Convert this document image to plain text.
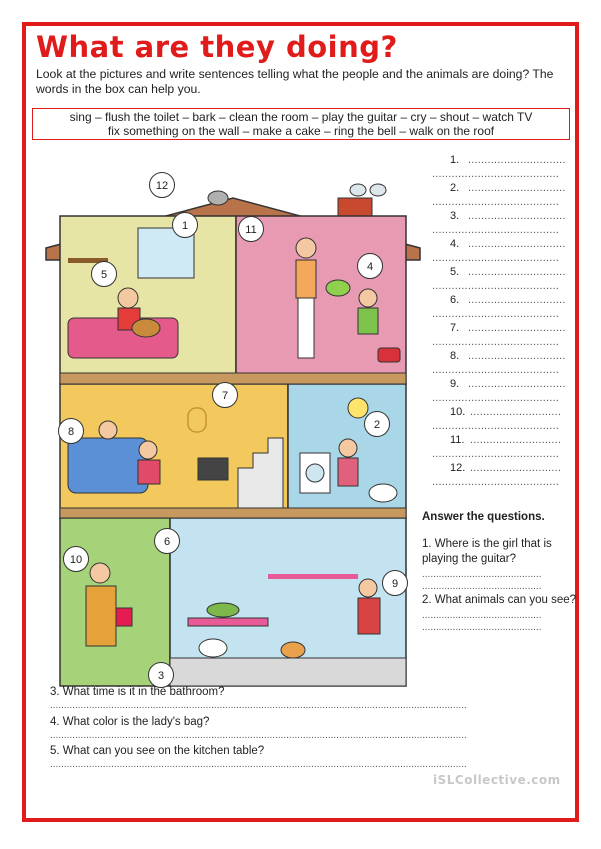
What are they doing?
Look at the pictures and write sentences telling what the people and the animals are doing? The words in the box can help you.
sing – flush the toilet – bark – clean the room – play the guitar – cry – shout – watch TV
fix something on the wall – make a cake – ring the bell – walk on the roof
12
1	11
5
4
7
8
2
6
10
9
3
1. ..............................
.......................................
2. ..............................
.......................................
3. ..............................
.......................................
4. ..............................
.......................................
5. ..............................
.......................................
6. ..............................
.......................................
7. ..............................
.......................................
8. ..............................
.......................................
9. ..............................
.......................................
10. ............................
.......................................
11. ............................
.......................................
12. ............................
.......................................
Answer the questions.
1. Where is the girl that is playing the guitar?
...........................................
...........................................
2. What animals can you see?
...........................................
...........................................
3. What time is it in the bathroom?
......................................................................................................................................................
4. What color is the lady's bag?
......................................................................................................................................................
5. What can you see on the kitchen table?
......................................................................................................................................................
iSLCollective.com
